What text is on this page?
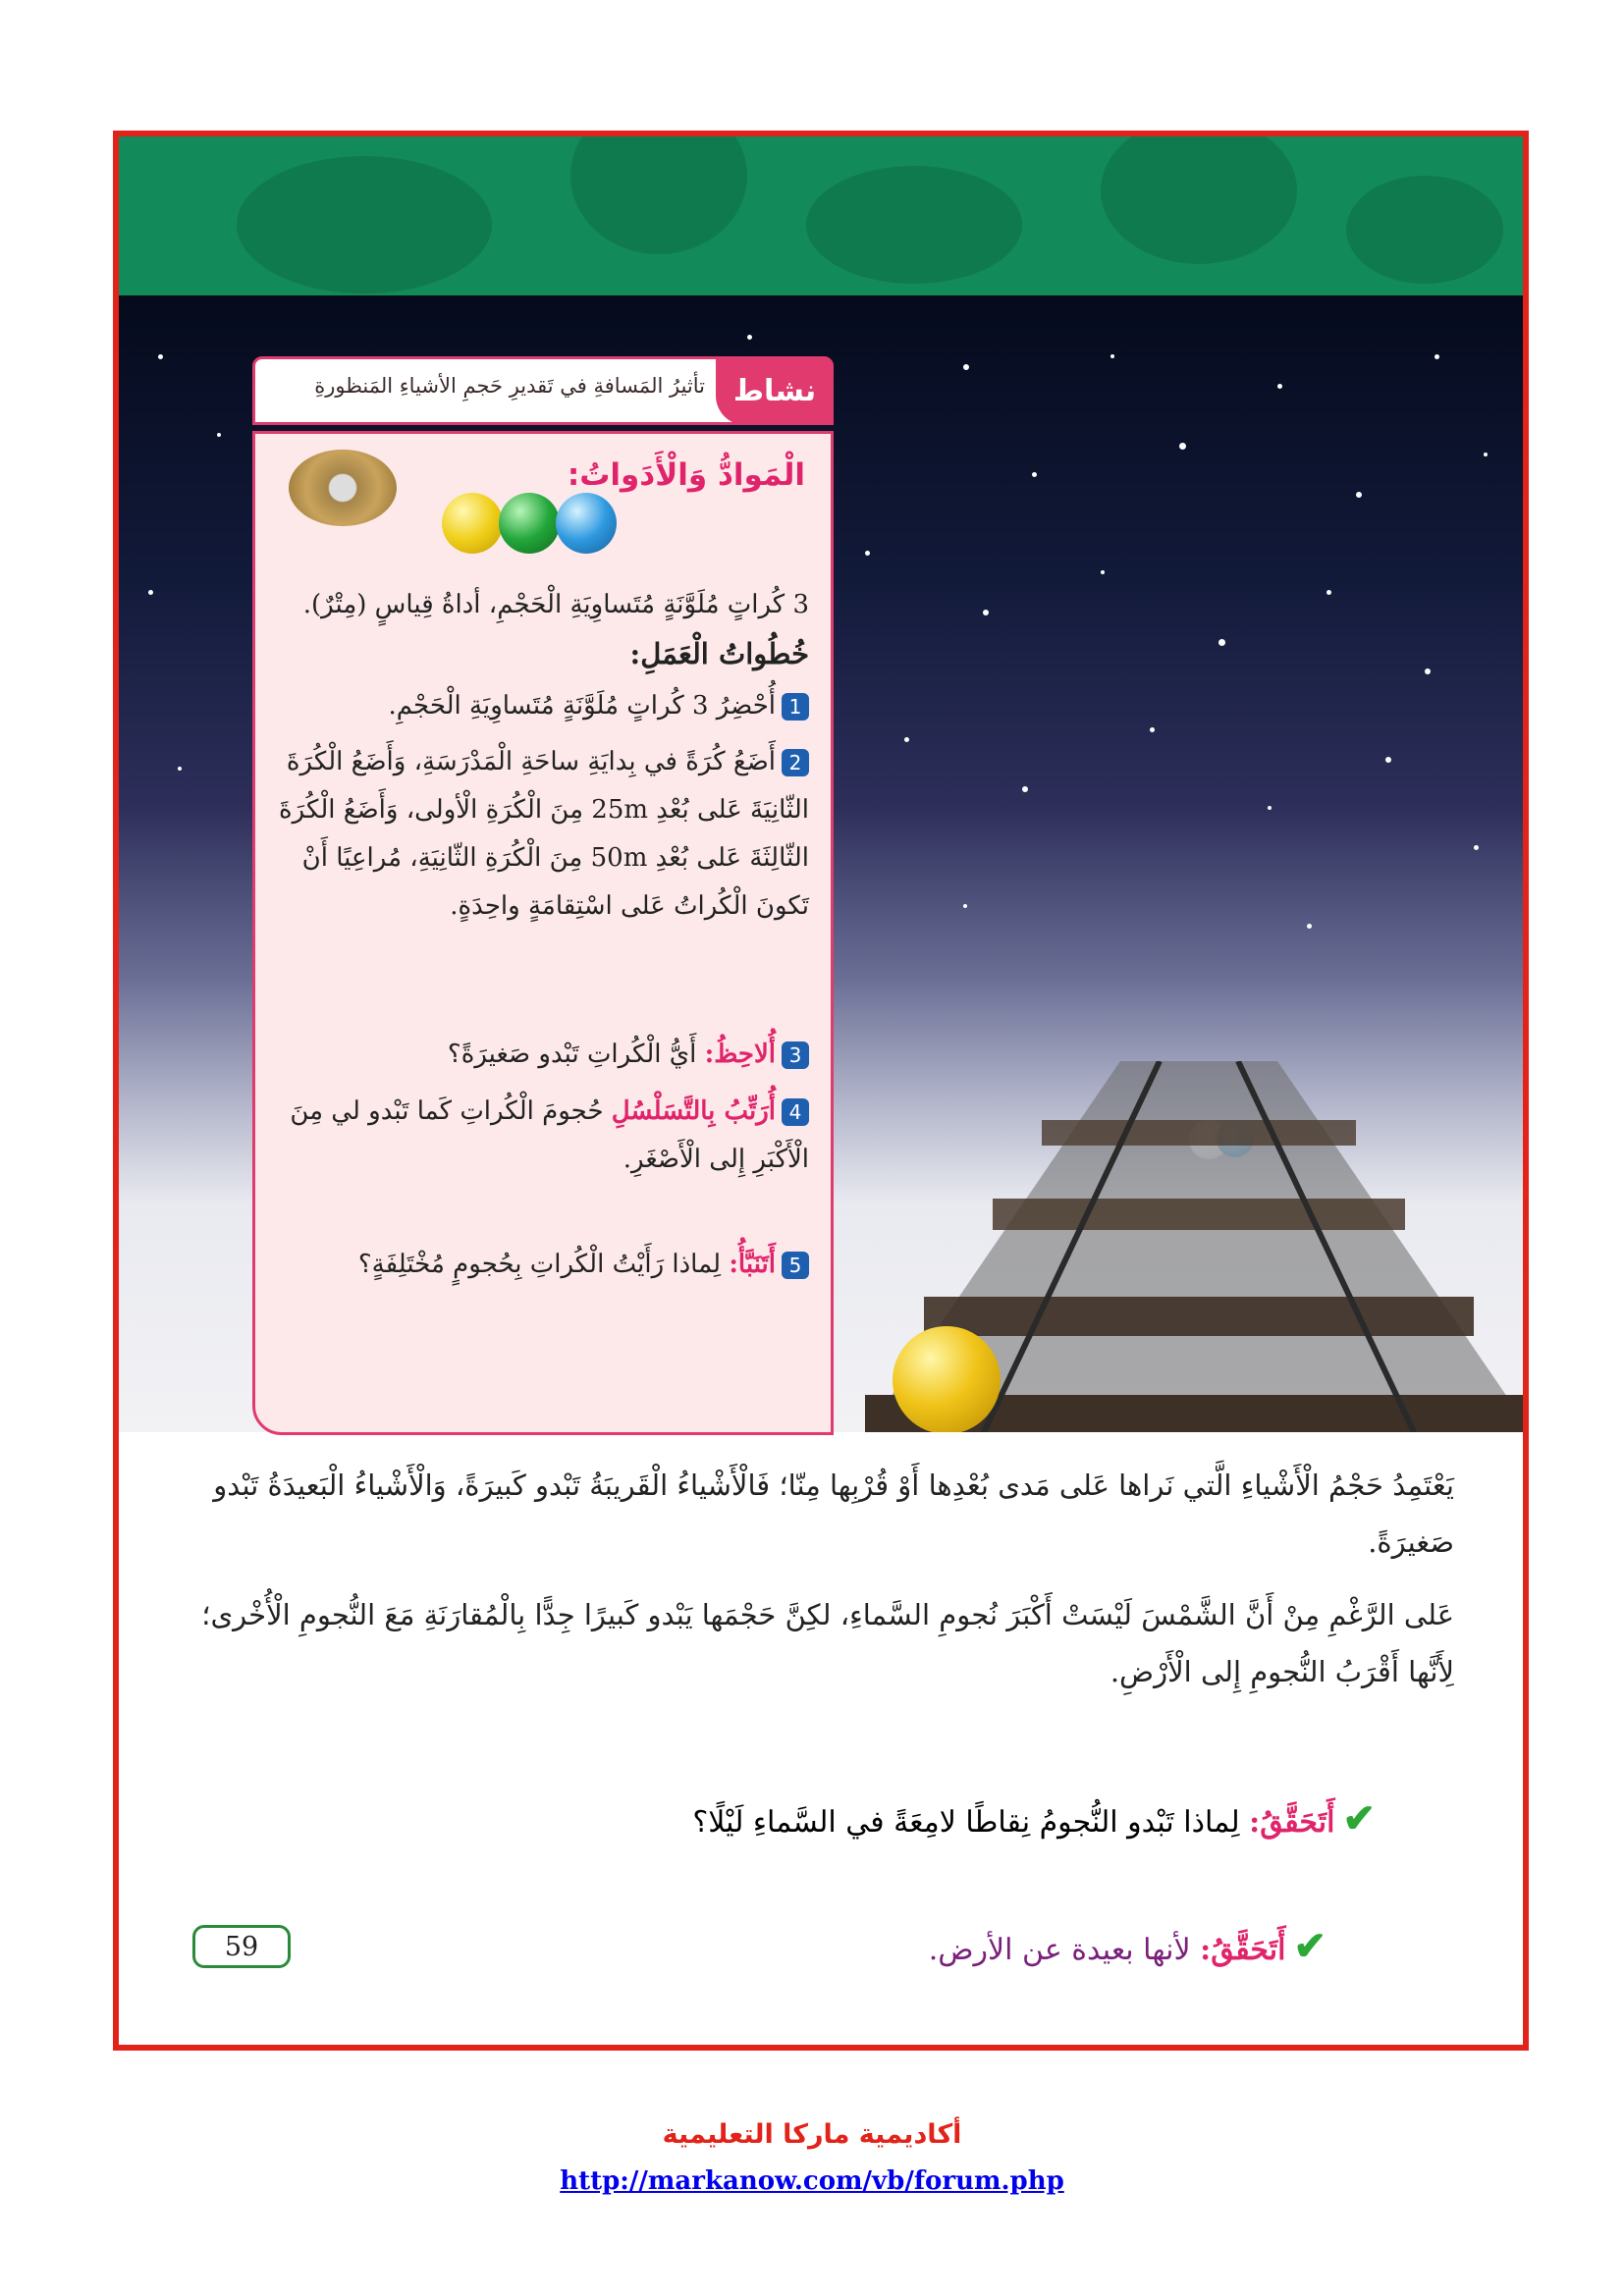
نشاط
تأثيرُ المَسافةِ في تَقديرِ حَجمِ الأشياءِ المَنظورةِ
الْمَوادُّ وَالْأَدَواتُ:
3 كُراتٍ مُلَوَّنَةٍ مُتَساوِيَةِ الْحَجْمِ، أداةُ قِياسٍ (مِتْرٌ).
خُطُواتُ الْعَمَلِ:
1أُحْضِرُ 3 كُراتٍ مُلَوَّنَةٍ مُتَساوِيَةِ الْحَجْمِ.
2أَضَعُ كُرَةً في بِدايَةِ ساحَةِ الْمَدْرَسَةِ، وَأَضَعُ الْكُرَةَ الثّانِيَةَ عَلى بُعْدِ 25m مِنَ الْكُرَةِ الْأولى، وَأَضَعُ الْكُرَةَ الثّالِثَةَ عَلى بُعْدِ 50m مِنَ الْكُرَةِ الثّانِيَةِ، مُراعِيًا أَنْ تَكونَ الْكُراتُ عَلى اسْتِقامَةٍ واحِدَةٍ.
3أُلاحِظُ: أَيُّ الْكُراتِ تَبْدو صَغيرَةً؟
4أُرَتِّبُ بِالتَّسَلْسُلِ حُجومَ الْكُراتِ كَما تَبْدو لي مِنَ الْأَكْبَرِ إِلى الْأَصْغَرِ.
5أَتَنَبَّأُ: لِماذا رَأَيْتُ الْكُراتِ بِحُجومٍ مُخْتَلِفَةٍ؟
يَعْتَمِدُ حَجْمُ الْأَشْياءِ الَّتي نَراها عَلى مَدى بُعْدِها أَوْ قُرْبِها مِنّا؛ فَالْأَشْياءُ الْقَريبَةُ تَبْدو كَبيرَةً، وَالْأَشْياءُ الْبَعيدَةُ تَبْدو صَغيرَةً.
عَلى الرَّغْمِ مِنْ أَنَّ الشَّمْسَ لَيْسَتْ أَكْبَرَ نُجومِ السَّماءِ، لكِنَّ حَجْمَها يَبْدو كَبيرًا جِدًّا بِالْمُقارَنَةِ مَعَ النُّجومِ الْأُخْرى؛ لِأَنَّها أَقْرَبُ النُّجومِ إِلى الْأَرْضِ.
✔أَتَحَقَّقُ: لِماذا تَبْدو النُّجومُ نِقاطًا لامِعَةً في السَّماءِ لَيْلًا؟
✔أَتَحَقَّقُ: لأنها بعيدة عن الأرض.
59
أكاديمية ماركا التعليمية
http://markanow.com/vb/forum.php
